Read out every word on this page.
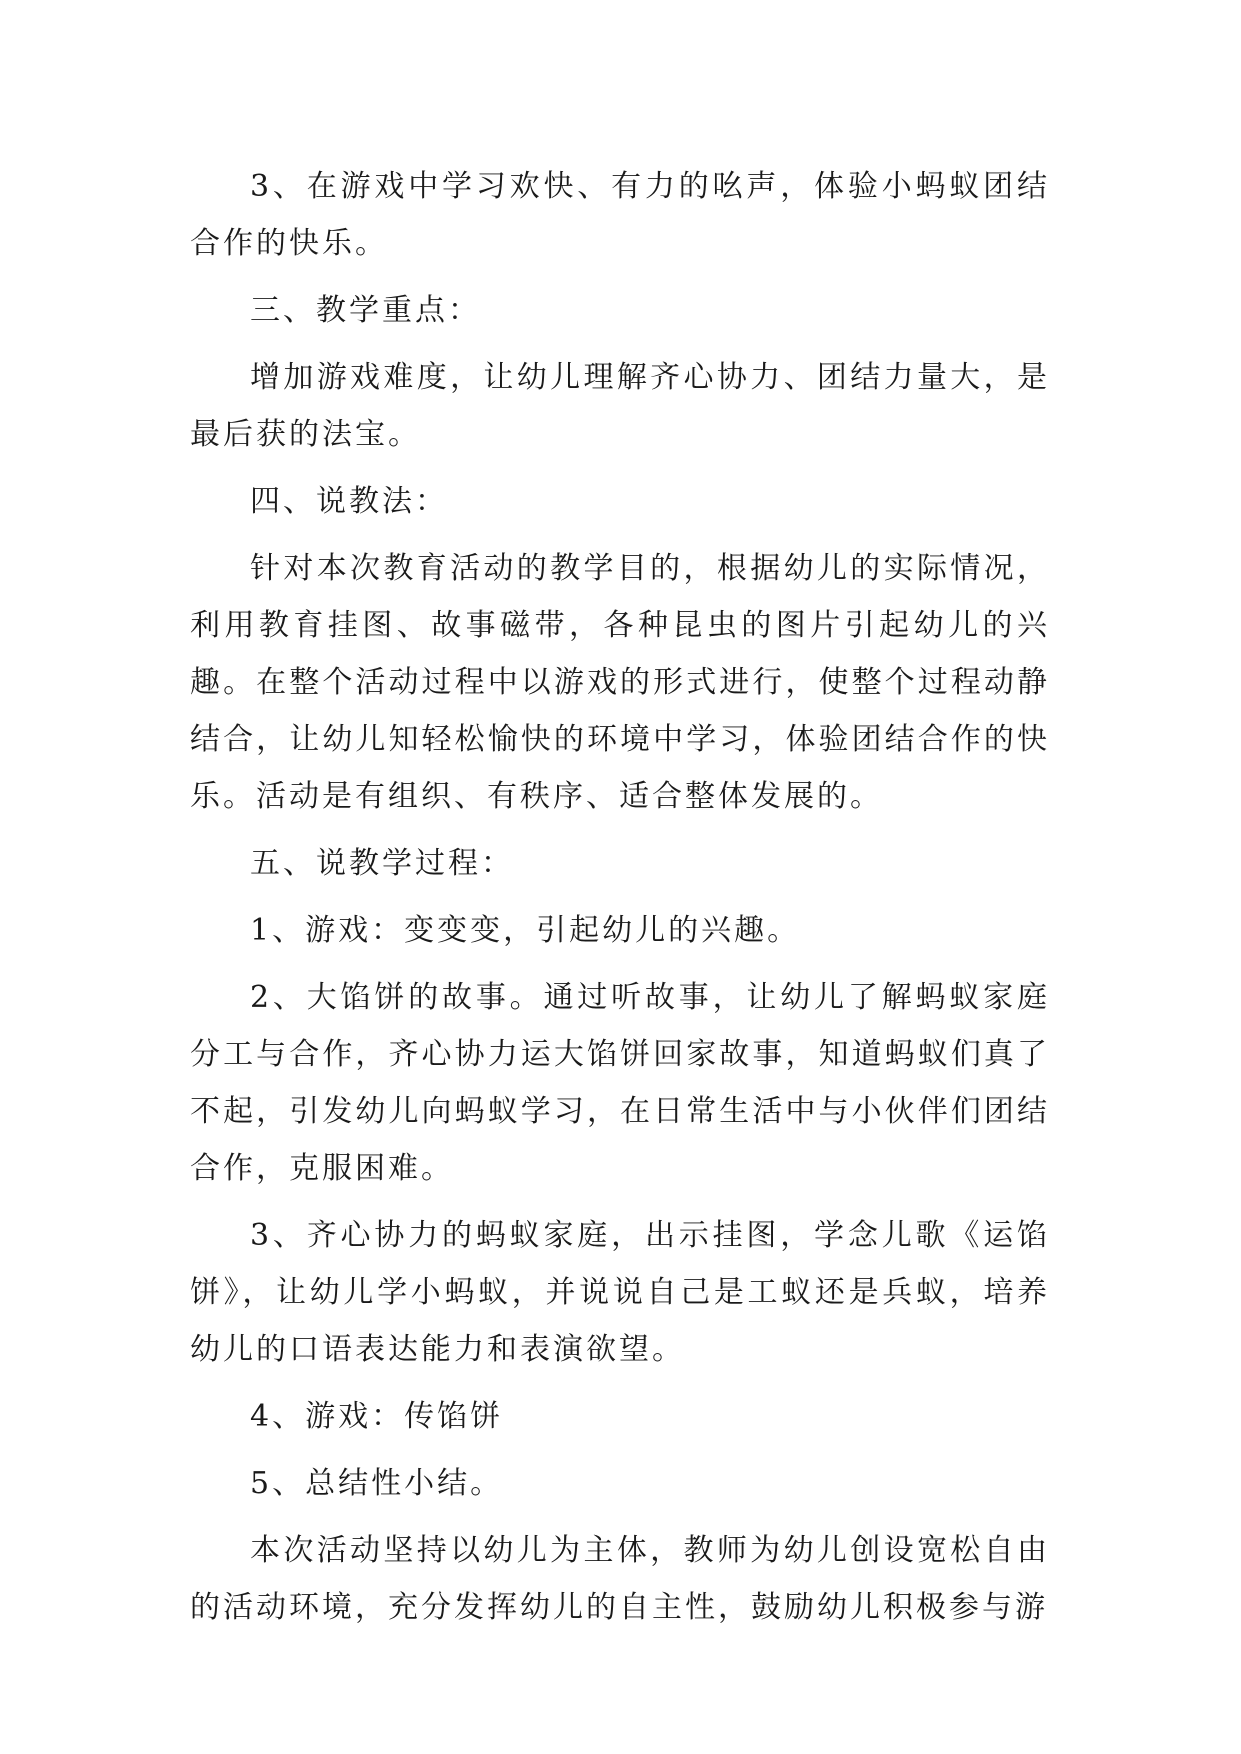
3、在游戏中学习欢快、有力的吆声，体验小蚂蚁团结合作的快乐。

三、教学重点：

增加游戏难度，让幼儿理解齐心协力、团结力量大，是最后获的法宝。

四、说教法：

针对本次教育活动的教学目的，根据幼儿的实际情况，利用教育挂图、故事磁带，各种昆虫的图片引起幼儿的兴趣。在整个活动过程中以游戏的形式进行，使整个过程动静结合，让幼儿知轻松愉快的环境中学习，体验团结合作的快乐。活动是有组织、有秩序、适合整体发展的。

五、说教学过程：

1、游戏：变变变，引起幼儿的兴趣。

2、大馅饼的故事。通过听故事，让幼儿了解蚂蚁家庭分工与合作，齐心协力运大馅饼回家故事，知道蚂蚁们真了不起，引发幼儿向蚂蚁学习，在日常生活中与小伙伴们团结合作，克服困难。

3、齐心协力的蚂蚁家庭，出示挂图，学念儿歌《运馅饼》，让幼儿学小蚂蚁，并说说自己是工蚁还是兵蚁，培养幼儿的口语表达能力和表演欲望。

4、游戏：传馅饼

5、总结性小结。

本次活动坚持以幼儿为主体，教师为幼儿创设宽松自由的活动环境，充分发挥幼儿的自主性，鼓励幼儿积极参与游
